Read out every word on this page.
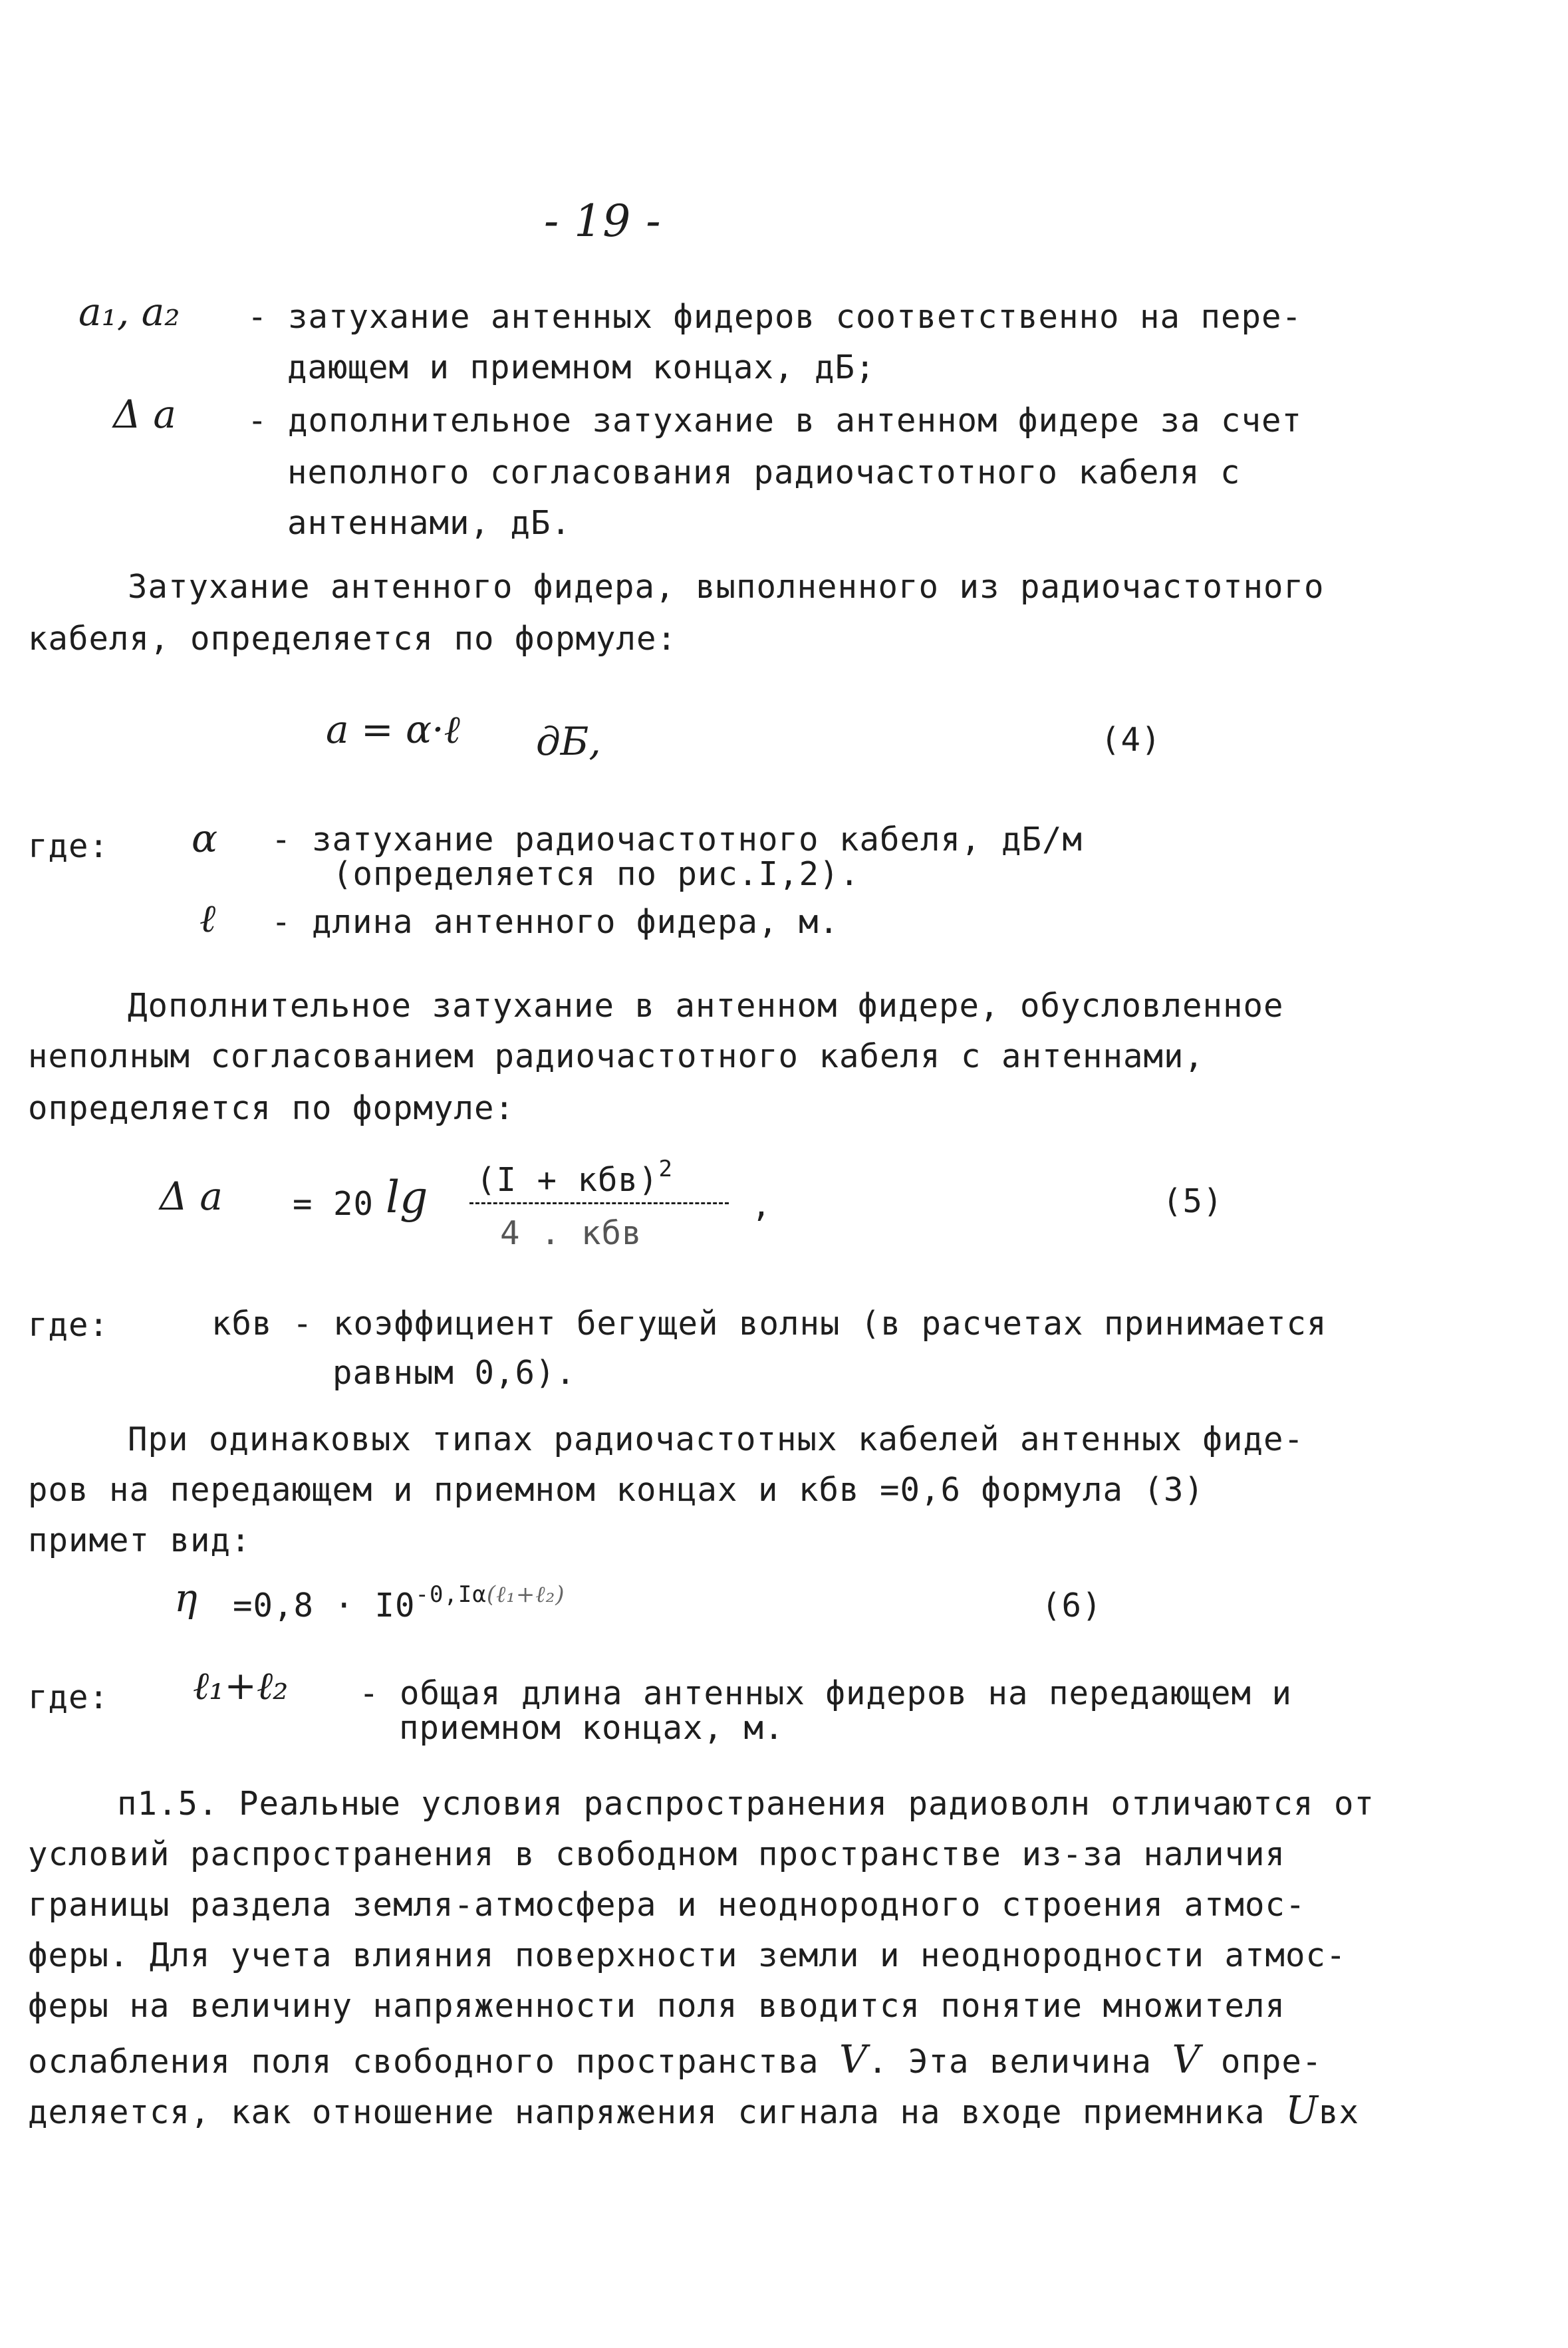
- 19 -
a₁, a₂ - затухание антенных фидеров соответственно на пере-
дающем и приемном концах, дБ;
Δ a - дополнительное затухание в антенном фидере за счет
неполного согласования радиочастотного кабеля с
антеннами, дБ.
Затухание антенного фидера, выполненного из радиочастотного
кабеля, определяется по формуле:
a = α·ℓ дБ,	(4)
где: α - затухание радиочастотного кабеля, дБ/м
(определяется по рис.I,2).
ℓ - длина антенного фидера, м.
Дополнительное затухание в антенном фидере, обусловленное
неполным согласованием радиочастотного кабеля с антеннами,
определяется по формуле:
Δ a = 20 lg (I + кбв)$^2$
4 . кбв
,	(5)
где:	кбв - коэффициент бегущей волны (в расчетах принимается
равным 0,6).
При одинаковых типах радиочастотных кабелей антенных фиде-
ров на передающем и приемном концах и кбв =0,6 формула (3)
примет вид:
$\eta =0,8 \cdot I0^{-0,I\alpha(\ell_1+\ell_2)}$	(6)
где: ℓ₁+ℓ₂ - общая длина антенных фидеров на передающем и
приемном концах, м.
п1.5. Реальные условия распространения радиоволн отличаются от
условий распространения в свободном пространстве из-за наличия
границы раздела земля-атмосфера и неоднородного строения атмос-
феры. Для учета влияния поверхности земли и неоднородности атмос-
феры на величину напряженности поля вводится понятие множителя
ослабления поля свободного пространства V. Эта величина V опре-
деляется, как отношение напряжения сигнала на входе приемника Uвх
